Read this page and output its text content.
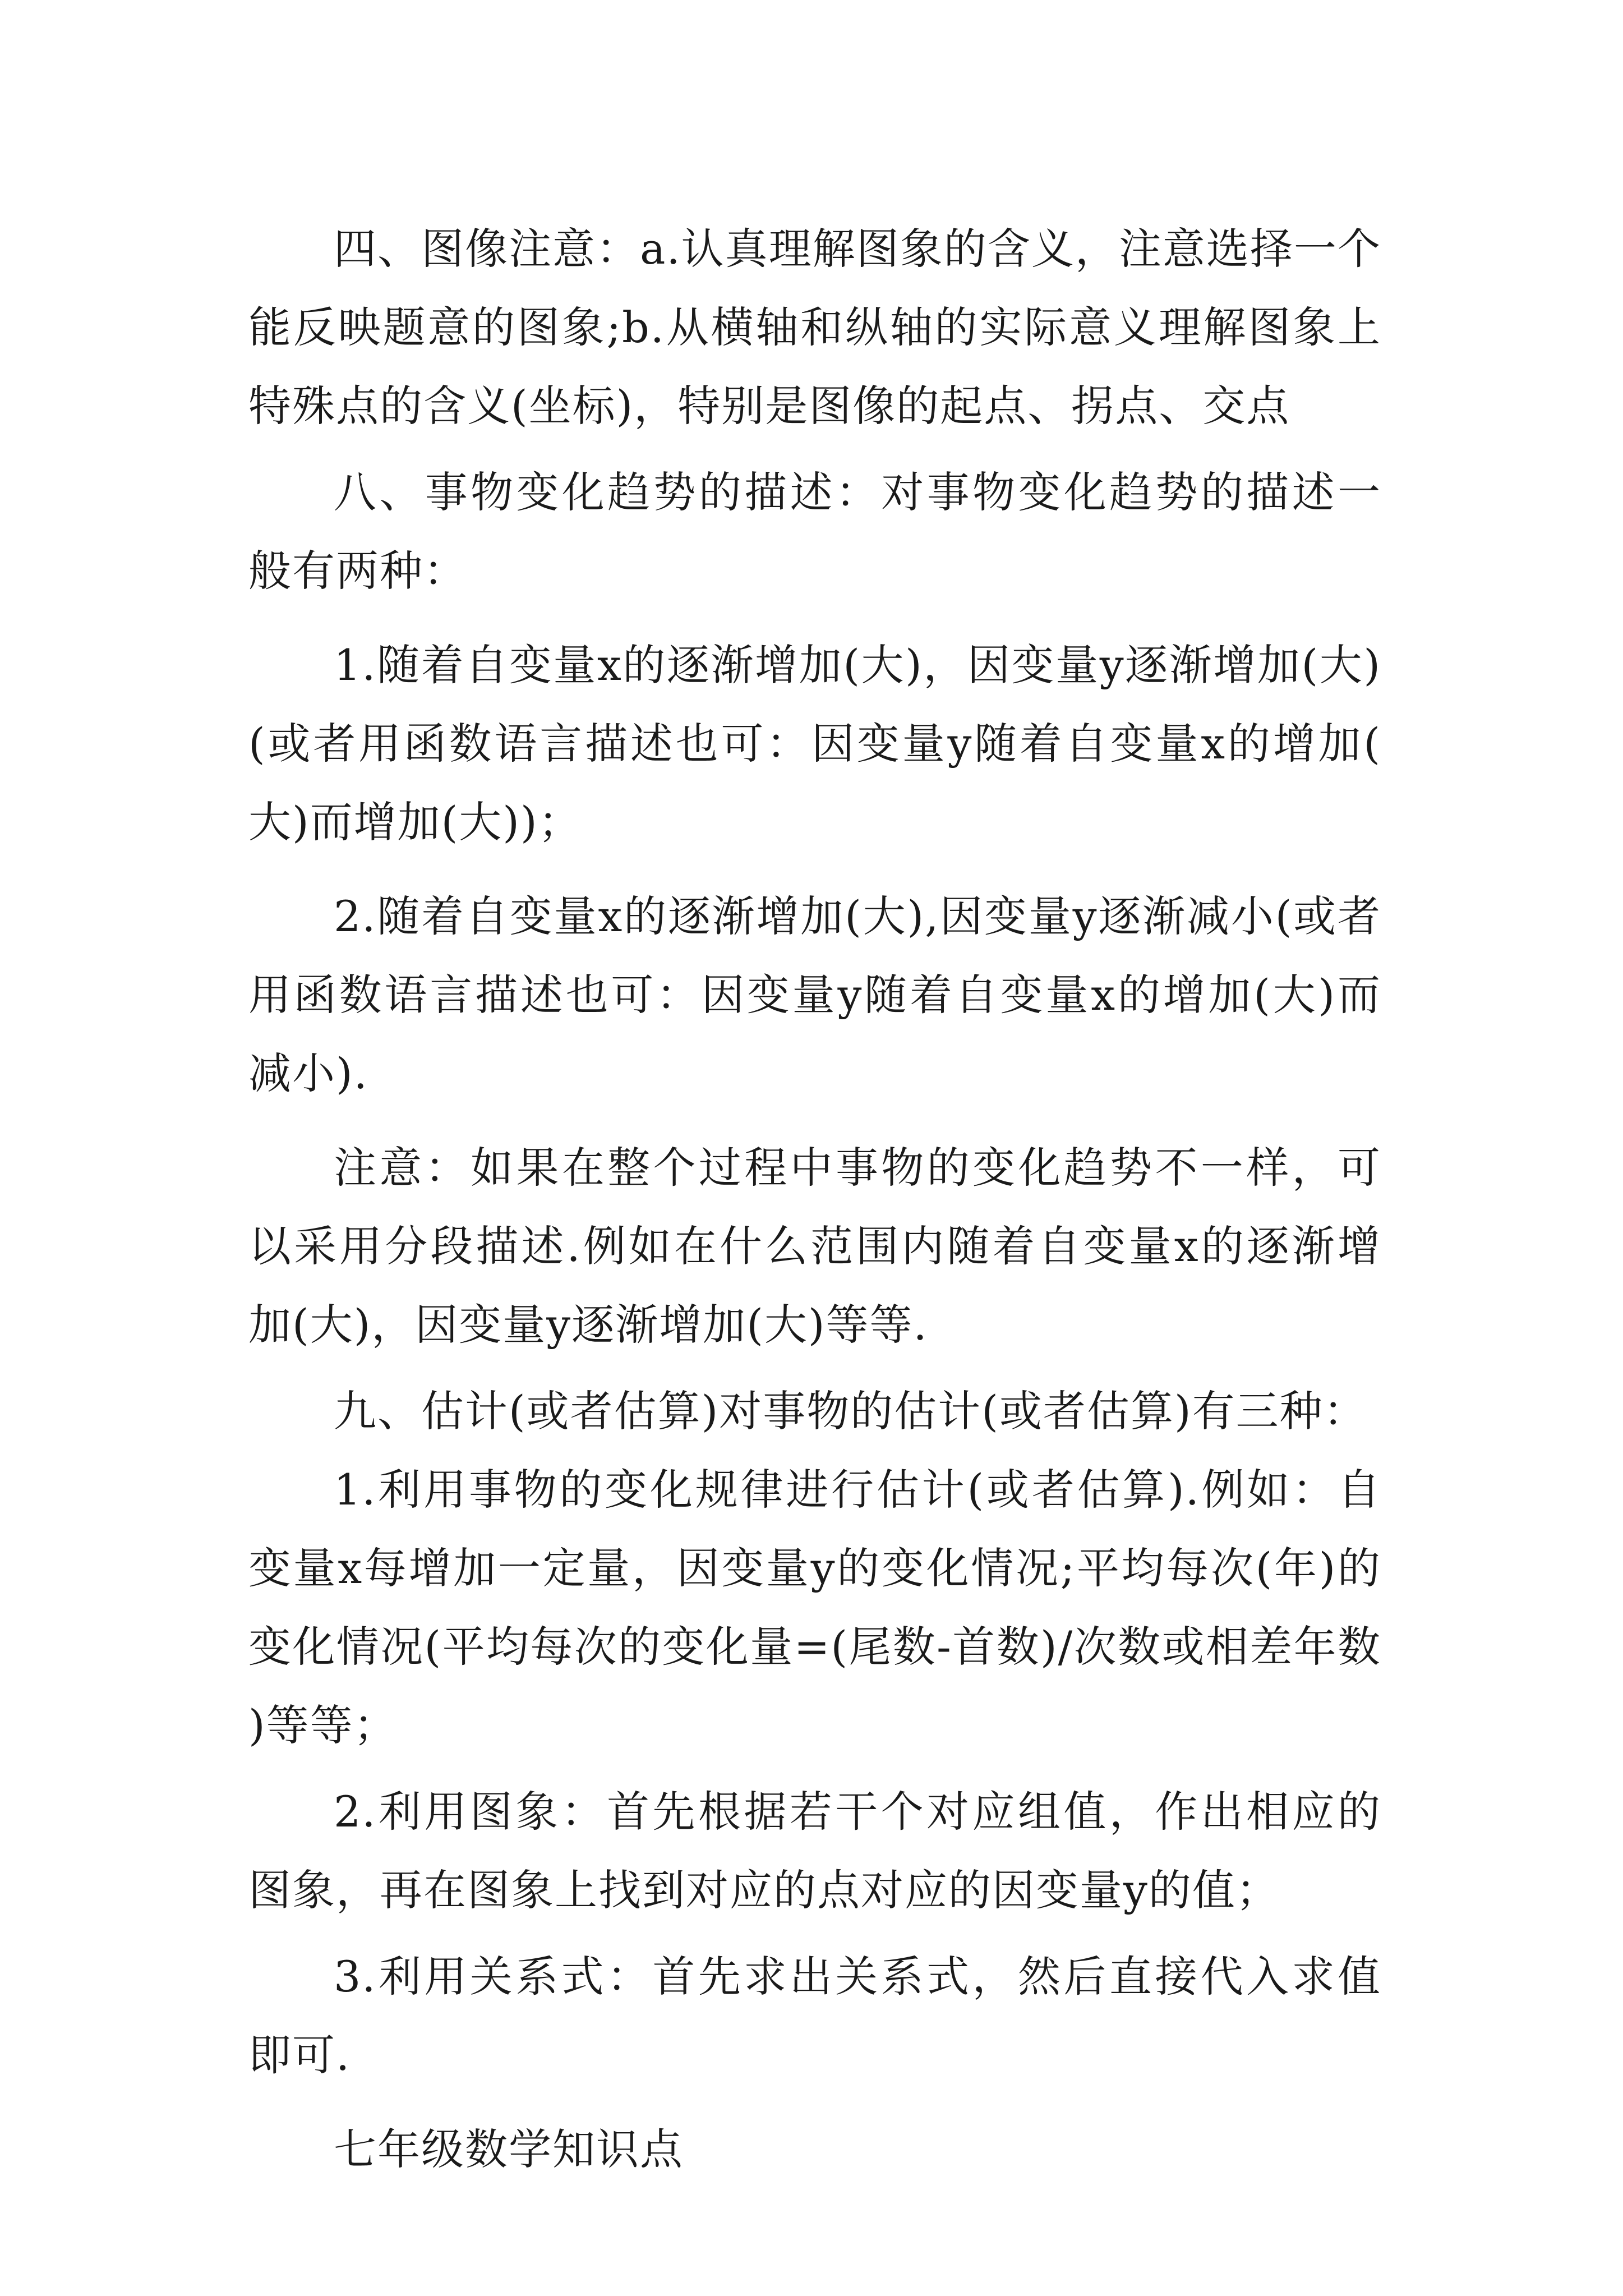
四、图像注意：a.认真理解图象的含义，注意选择一个能反映题意的图象;b.从横轴和纵轴的实际意义理解图象上特殊点的含义(坐标)，特别是图像的起点、拐点、交点

八、事物变化趋势的描述：对事物变化趋势的描述一般有两种：

1.随着自变量x的逐渐增加(大)，因变量y逐渐增加(大)(或者用函数语言描述也可：因变量y随着自变量x的增加(大)而增加(大))；

2.随着自变量x的逐渐增加(大),因变量y逐渐减小(或者用函数语言描述也可：因变量y随着自变量x的增加(大)而减小).

注意：如果在整个过程中事物的变化趋势不一样，可以采用分段描述.例如在什么范围内随着自变量x的逐渐增加(大)，因变量y逐渐增加(大)等等.

九、估计(或者估算)对事物的估计(或者估算)有三种：

1.利用事物的变化规律进行估计(或者估算).例如：自变量x每增加一定量，因变量y的变化情况;平均每次(年)的变化情况(平均每次的变化量=(尾数-首数)/次数或相差年数)等等；

2.利用图象：首先根据若干个对应组值，作出相应的图象，再在图象上找到对应的点对应的因变量y的值；

3.利用关系式：首先求出关系式，然后直接代入求值即可.

七年级数学知识点
